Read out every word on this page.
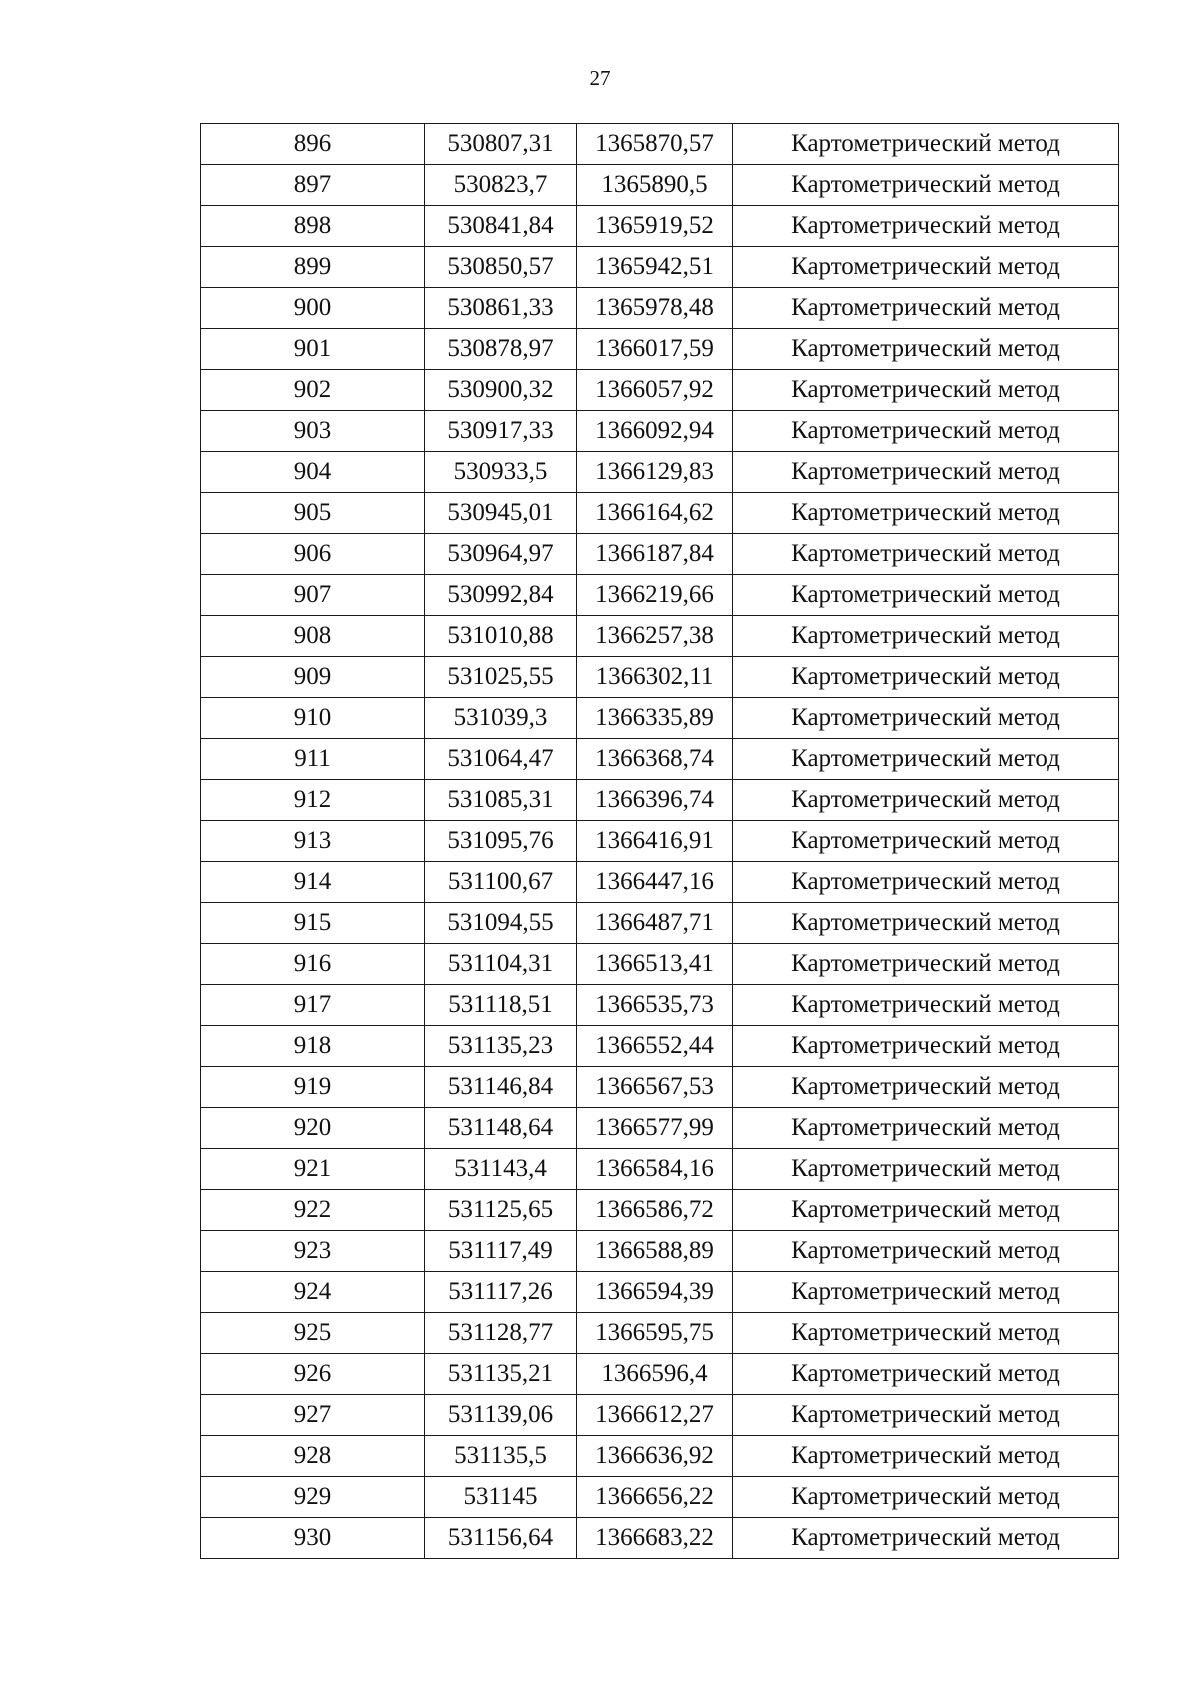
27
896	530807,31	1365870,57	Картометрический метод
897	530823,7	1365890,5	Картометрический метод
898	530841,84	1365919,52	Картометрический метод
899	530850,57	1365942,51	Картометрический метод
900	530861,33	1365978,48	Картометрический метод
901	530878,97	1366017,59	Картометрический метод
902	530900,32	1366057,92	Картометрический метод
903	530917,33	1366092,94	Картометрический метод
904	530933,5	1366129,83	Картометрический метод
905	530945,01	1366164,62	Картометрический метод
906	530964,97	1366187,84	Картометрический метод
907	530992,84	1366219,66	Картометрический метод
908	531010,88	1366257,38	Картометрический метод
909	531025,55	1366302,11	Картометрический метод
910	531039,3	1366335,89	Картометрический метод
911	531064,47	1366368,74	Картометрический метод
912	531085,31	1366396,74	Картометрический метод
913	531095,76	1366416,91	Картометрический метод
914	531100,67	1366447,16	Картометрический метод
915	531094,55	1366487,71	Картометрический метод
916	531104,31	1366513,41	Картометрический метод
917	531118,51	1366535,73	Картометрический метод
918	531135,23	1366552,44	Картометрический метод
919	531146,84	1366567,53	Картометрический метод
920	531148,64	1366577,99	Картометрический метод
921	531143,4	1366584,16	Картометрический метод
922	531125,65	1366586,72	Картометрический метод
923	531117,49	1366588,89	Картометрический метод
924	531117,26	1366594,39	Картометрический метод
925	531128,77	1366595,75	Картометрический метод
926	531135,21	1366596,4	Картометрический метод
927	531139,06	1366612,27	Картометрический метод
928	531135,5	1366636,92	Картометрический метод
929	531145	1366656,22	Картометрический метод
930	531156,64	1366683,22	Картометрический метод
